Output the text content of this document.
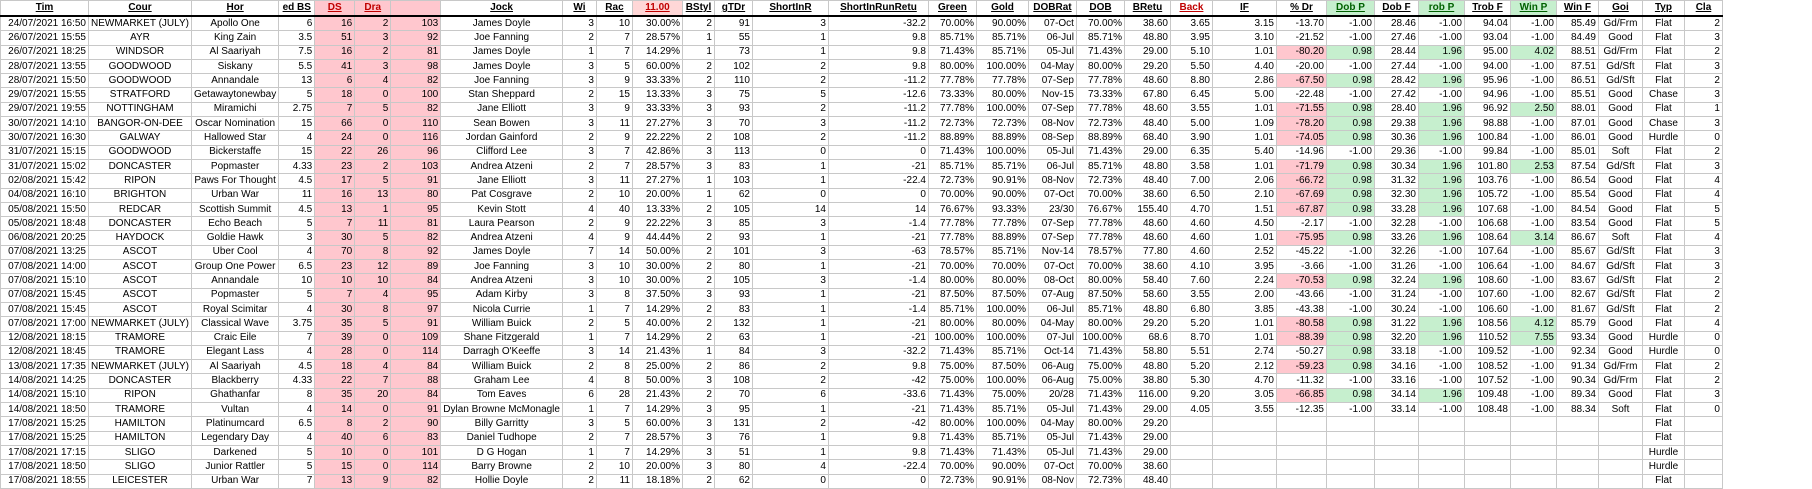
Tim	Cour	Hor	ed BS	DS	Dra		Jock	Wi	Rac	11.00	BStyl	gTDr	ShortInR	ShortInRunRetu	Green	Gold	DOBRat	DOB	BRetu	Back	IF	% Dr	Dob P	Dob F	rob P	Trob F	Win P	Win F	Goi	Typ	Cla
24/07/2021 16:50	NEWMARKET (JULY)	Apollo One	6	16	2	103	James Doyle	3	10	30.00%	2	91	3	-32.2	70.00%	90.00%	07-Oct	70.00%	38.60	3.65	3.15	-13.70	-1.00	28.46	-1.00	94.04	-1.00	85.49	Gd/Frm	Flat	2
26/07/2021 15:55	AYR	King Zain	3.5	51	3	92	Joe Fanning	2	7	28.57%	1	55	1	9.8	85.71%	85.71%	06-Jul	85.71%	48.80	3.95	3.10	-21.52	-1.00	27.46	-1.00	93.04	-1.00	84.49	Good	Flat	3
26/07/2021 18:25	WINDSOR	Al Saariyah	7.5	16	2	81	James Doyle	1	7	14.29%	1	73	1	9.8	71.43%	85.71%	05-Jul	71.43%	29.00	5.10	1.01	-80.20	0.98	28.44	1.96	95.00	4.02	88.51	Gd/Frm	Flat	2
28/07/2021 13:55	GOODWOOD	Siskany	5.5	41	3	98	James Doyle	3	5	60.00%	2	102	2	9.8	80.00%	100.00%	04-May	80.00%	29.20	5.50	4.40	-20.00	-1.00	27.44	-1.00	94.00	-1.00	87.51	Gd/Sft	Flat	3
28/07/2021 15:50	GOODWOOD	Annandale	13	6	4	82	Joe Fanning	3	9	33.33%	2	110	2	-11.2	77.78%	77.78%	07-Sep	77.78%	48.60	8.80	2.86	-67.50	0.98	28.42	1.96	95.96	-1.00	86.51	Gd/Sft	Flat	2
29/07/2021 15:55	STRATFORD	Getawaytonewbay	5	18	0	100	Stan Sheppard	2	15	13.33%	3	75	5	-12.6	73.33%	80.00%	Nov-15	73.33%	67.80	6.45	5.00	-22.48	-1.00	27.42	-1.00	94.96	-1.00	85.51	Good	Chase	3
29/07/2021 19:55	NOTTINGHAM	Miramichi	2.75	7	5	82	Jane Elliott	3	9	33.33%	3	93	2	-11.2	77.78%	100.00%	07-Sep	77.78%	48.60	3.55	1.01	-71.55	0.98	28.40	1.96	96.92	2.50	88.01	Good	Flat	1
30/07/2021 14:10	BANGOR-ON-DEE	Oscar Nomination	15	66	0	110	Sean Bowen	3	11	27.27%	3	70	3	-11.2	72.73%	72.73%	08-Nov	72.73%	48.40	5.00	1.09	-78.20	0.98	29.38	1.96	98.88	-1.00	87.01	Good	Chase	3
30/07/2021 16:30	GALWAY	Hallowed Star	4	24	0	116	Jordan Gainford	2	9	22.22%	2	108	2	-11.2	88.89%	88.89%	08-Sep	88.89%	68.40	3.90	1.01	-74.05	0.98	30.36	1.96	100.84	-1.00	86.01	Good	Hurdle	0
31/07/2021 15:15	GOODWOOD	Bickerstaffe	15	22	26	96	Clifford Lee	3	7	42.86%	3	113	0	0	71.43%	100.00%	05-Jul	71.43%	29.00	6.35	5.40	-14.96	-1.00	29.36	-1.00	99.84	-1.00	85.01	Soft	Flat	2
31/07/2021 15:02	DONCASTER	Popmaster	4.33	23	2	103	Andrea Atzeni	2	7	28.57%	3	83	1	-21	85.71%	85.71%	06-Jul	85.71%	48.80	3.58	1.01	-71.79	0.98	30.34	1.96	101.80	2.53	87.54	Gd/Sft	Flat	3
02/08/2021 15:42	RIPON	Paws For Thought	4.5	17	5	91	Jane Elliott	3	11	27.27%	1	103	1	-22.4	72.73%	90.91%	08-Nov	72.73%	48.40	7.00	2.06	-66.72	0.98	31.32	1.96	103.76	-1.00	86.54	Good	Flat	4
04/08/2021 16:10	BRIGHTON	Urban War	11	16	13	80	Pat Cosgrave	2	10	20.00%	1	62	0	0	70.00%	90.00%	07-Oct	70.00%	38.60	6.50	2.10	-67.69	0.98	32.30	1.96	105.72	-1.00	85.54	Good	Flat	4
05/08/2021 15:50	REDCAR	Scottish Summit	4.5	13	1	95	Kevin Stott	4	40	13.33%	2	105	14	14	76.67%	93.33%	23/30	76.67%	155.40	4.70	1.51	-67.87	0.98	33.28	1.96	107.68	-1.00	84.54	Good	Flat	5
05/08/2021 18:48	DONCASTER	Echo Beach	5	7	11	81	Laura Pearson	2	9	22.22%	3	85	3	-1.4	77.78%	77.78%	07-Sep	77.78%	48.60	4.60	4.50	-2.17	-1.00	32.28	-1.00	106.68	-1.00	83.54	Good	Flat	5
06/08/2021 20:25	HAYDOCK	Goldie Hawk	3	30	5	82	Andrea Atzeni	4	9	44.44%	2	93	1	-21	77.78%	88.89%	07-Sep	77.78%	48.60	4.60	1.01	-75.95	0.98	33.26	1.96	108.64	3.14	86.67	Soft	Flat	4
07/08/2021 13:25	ASCOT	Uber Cool	4	70	8	92	James Doyle	7	14	50.00%	2	101	3	-63	78.57%	85.71%	Nov-14	78.57%	77.80	4.60	2.52	-45.22	-1.00	32.26	-1.00	107.64	-1.00	85.67	Gd/Sft	Flat	3
07/08/2021 14:00	ASCOT	Group One Power	6.5	23	12	89	Joe Fanning	3	10	30.00%	2	80	1	-21	70.00%	70.00%	07-Oct	70.00%	38.60	4.10	3.95	-3.66	-1.00	31.26	-1.00	106.64	-1.00	84.67	Gd/Sft	Flat	3
07/08/2021 15:10	ASCOT	Annandale	10	10	10	84	Andrea Atzeni	3	10	30.00%	2	105	3	-1.4	80.00%	80.00%	08-Oct	80.00%	58.40	7.60	2.24	-70.53	0.98	32.24	1.96	108.60	-1.00	83.67	Gd/Sft	Flat	2
07/08/2021 15:45	ASCOT	Popmaster	5	7	4	95	Adam Kirby	3	8	37.50%	3	93	1	-21	87.50%	87.50%	07-Aug	87.50%	58.60	3.55	2.00	-43.66	-1.00	31.24	-1.00	107.60	-1.00	82.67	Gd/Sft	Flat	2
07/08/2021 15:45	ASCOT	Royal Scimitar	4	30	8	97	Nicola Currie	1	7	14.29%	2	83	1	-1.4	85.71%	100.00%	06-Jul	85.71%	48.80	6.80	3.85	-43.38	-1.00	30.24	-1.00	106.60	-1.00	81.67	Gd/Sft	Flat	2
07/08/2021 17:00	NEWMARKET (JULY)	Classical Wave	3.75	35	5	91	William Buick	2	5	40.00%	2	132	1	-21	80.00%	80.00%	04-May	80.00%	29.20	5.20	1.01	-80.58	0.98	31.22	1.96	108.56	4.12	85.79	Good	Flat	4
12/08/2021 18:15	TRAMORE	Craic Eile	7	39	0	109	Shane Fitzgerald	1	7	14.29%	2	63	1	-21	100.00%	100.00%	07-Jul	100.00%	68.6	8.70	1.01	-88.39	0.98	32.20	1.96	110.52	7.55	93.34	Good	Hurdle	0
12/08/2021 18:45	TRAMORE	Elegant Lass	4	28	0	114	Darragh O'Keeffe	3	14	21.43%	1	84	3	-32.2	71.43%	85.71%	Oct-14	71.43%	58.80	5.51	2.74	-50.27	0.98	33.18	-1.00	109.52	-1.00	92.34	Good	Hurdle	0
13/08/2021 17:35	NEWMARKET (JULY)	Al Saariyah	4.5	18	4	84	William Buick	2	8	25.00%	2	86	2	9.8	75.00%	87.50%	06-Aug	75.00%	48.80	5.20	2.12	-59.23	0.98	34.16	-1.00	108.52	-1.00	91.34	Gd/Frm	Flat	2
14/08/2021 14:25	DONCASTER	Blackberry	4.33	22	7	88	Graham Lee	4	8	50.00%	3	108	2	-42	75.00%	100.00%	06-Aug	75.00%	38.80	5.30	4.70	-11.32	-1.00	33.16	-1.00	107.52	-1.00	90.34	Gd/Frm	Flat	2
14/08/2021 15:10	RIPON	Ghathanfar	8	35	20	84	Tom Eaves	6	28	21.43%	2	70	6	-33.6	71.43%	75.00%	20/28	71.43%	116.00	9.20	3.05	-66.85	0.98	34.14	1.96	109.48	-1.00	89.34	Good	Flat	3
14/08/2021 18:50	TRAMORE	Vultan	4	14	0	91	Dylan Browne McMonagle	1	7	14.29%	3	95	1	-21	71.43%	85.71%	05-Jul	71.43%	29.00	4.05	3.55	-12.35	-1.00	33.14	-1.00	108.48	-1.00	88.34	Soft	Flat	0
17/08/2021 15:25	HAMILTON	Platinumcard	6.5	8	2	90	Billy Garritty	3	5	60.00%	3	131	2	-42	80.00%	100.00%	04-May	80.00%	29.20											Flat	
17/08/2021 15:25	HAMILTON	Legendary Day	4	40	6	83	Daniel Tudhope	2	7	28.57%	3	76	1	9.8	71.43%	85.71%	05-Jul	71.43%	29.00											Flat	
17/08/2021 17:15	SLIGO	Darkened	5	10	0	101	D G Hogan	1	7	14.29%	3	51	1	9.8	71.43%	71.43%	05-Jul	71.43%	29.00											Hurdle	
17/08/2021 18:50	SLIGO	Junior Rattler	5	15	0	114	Barry Browne	2	10	20.00%	3	80	4	-22.4	70.00%	90.00%	07-Oct	70.00%	38.60											Hurdle	
17/08/2021 18:55	LEICESTER	Urban War	7	13	9	82	Hollie Doyle	2	11	18.18%	2	62	0	0	72.73%	90.91%	08-Nov	72.73%	48.40											Flat	
